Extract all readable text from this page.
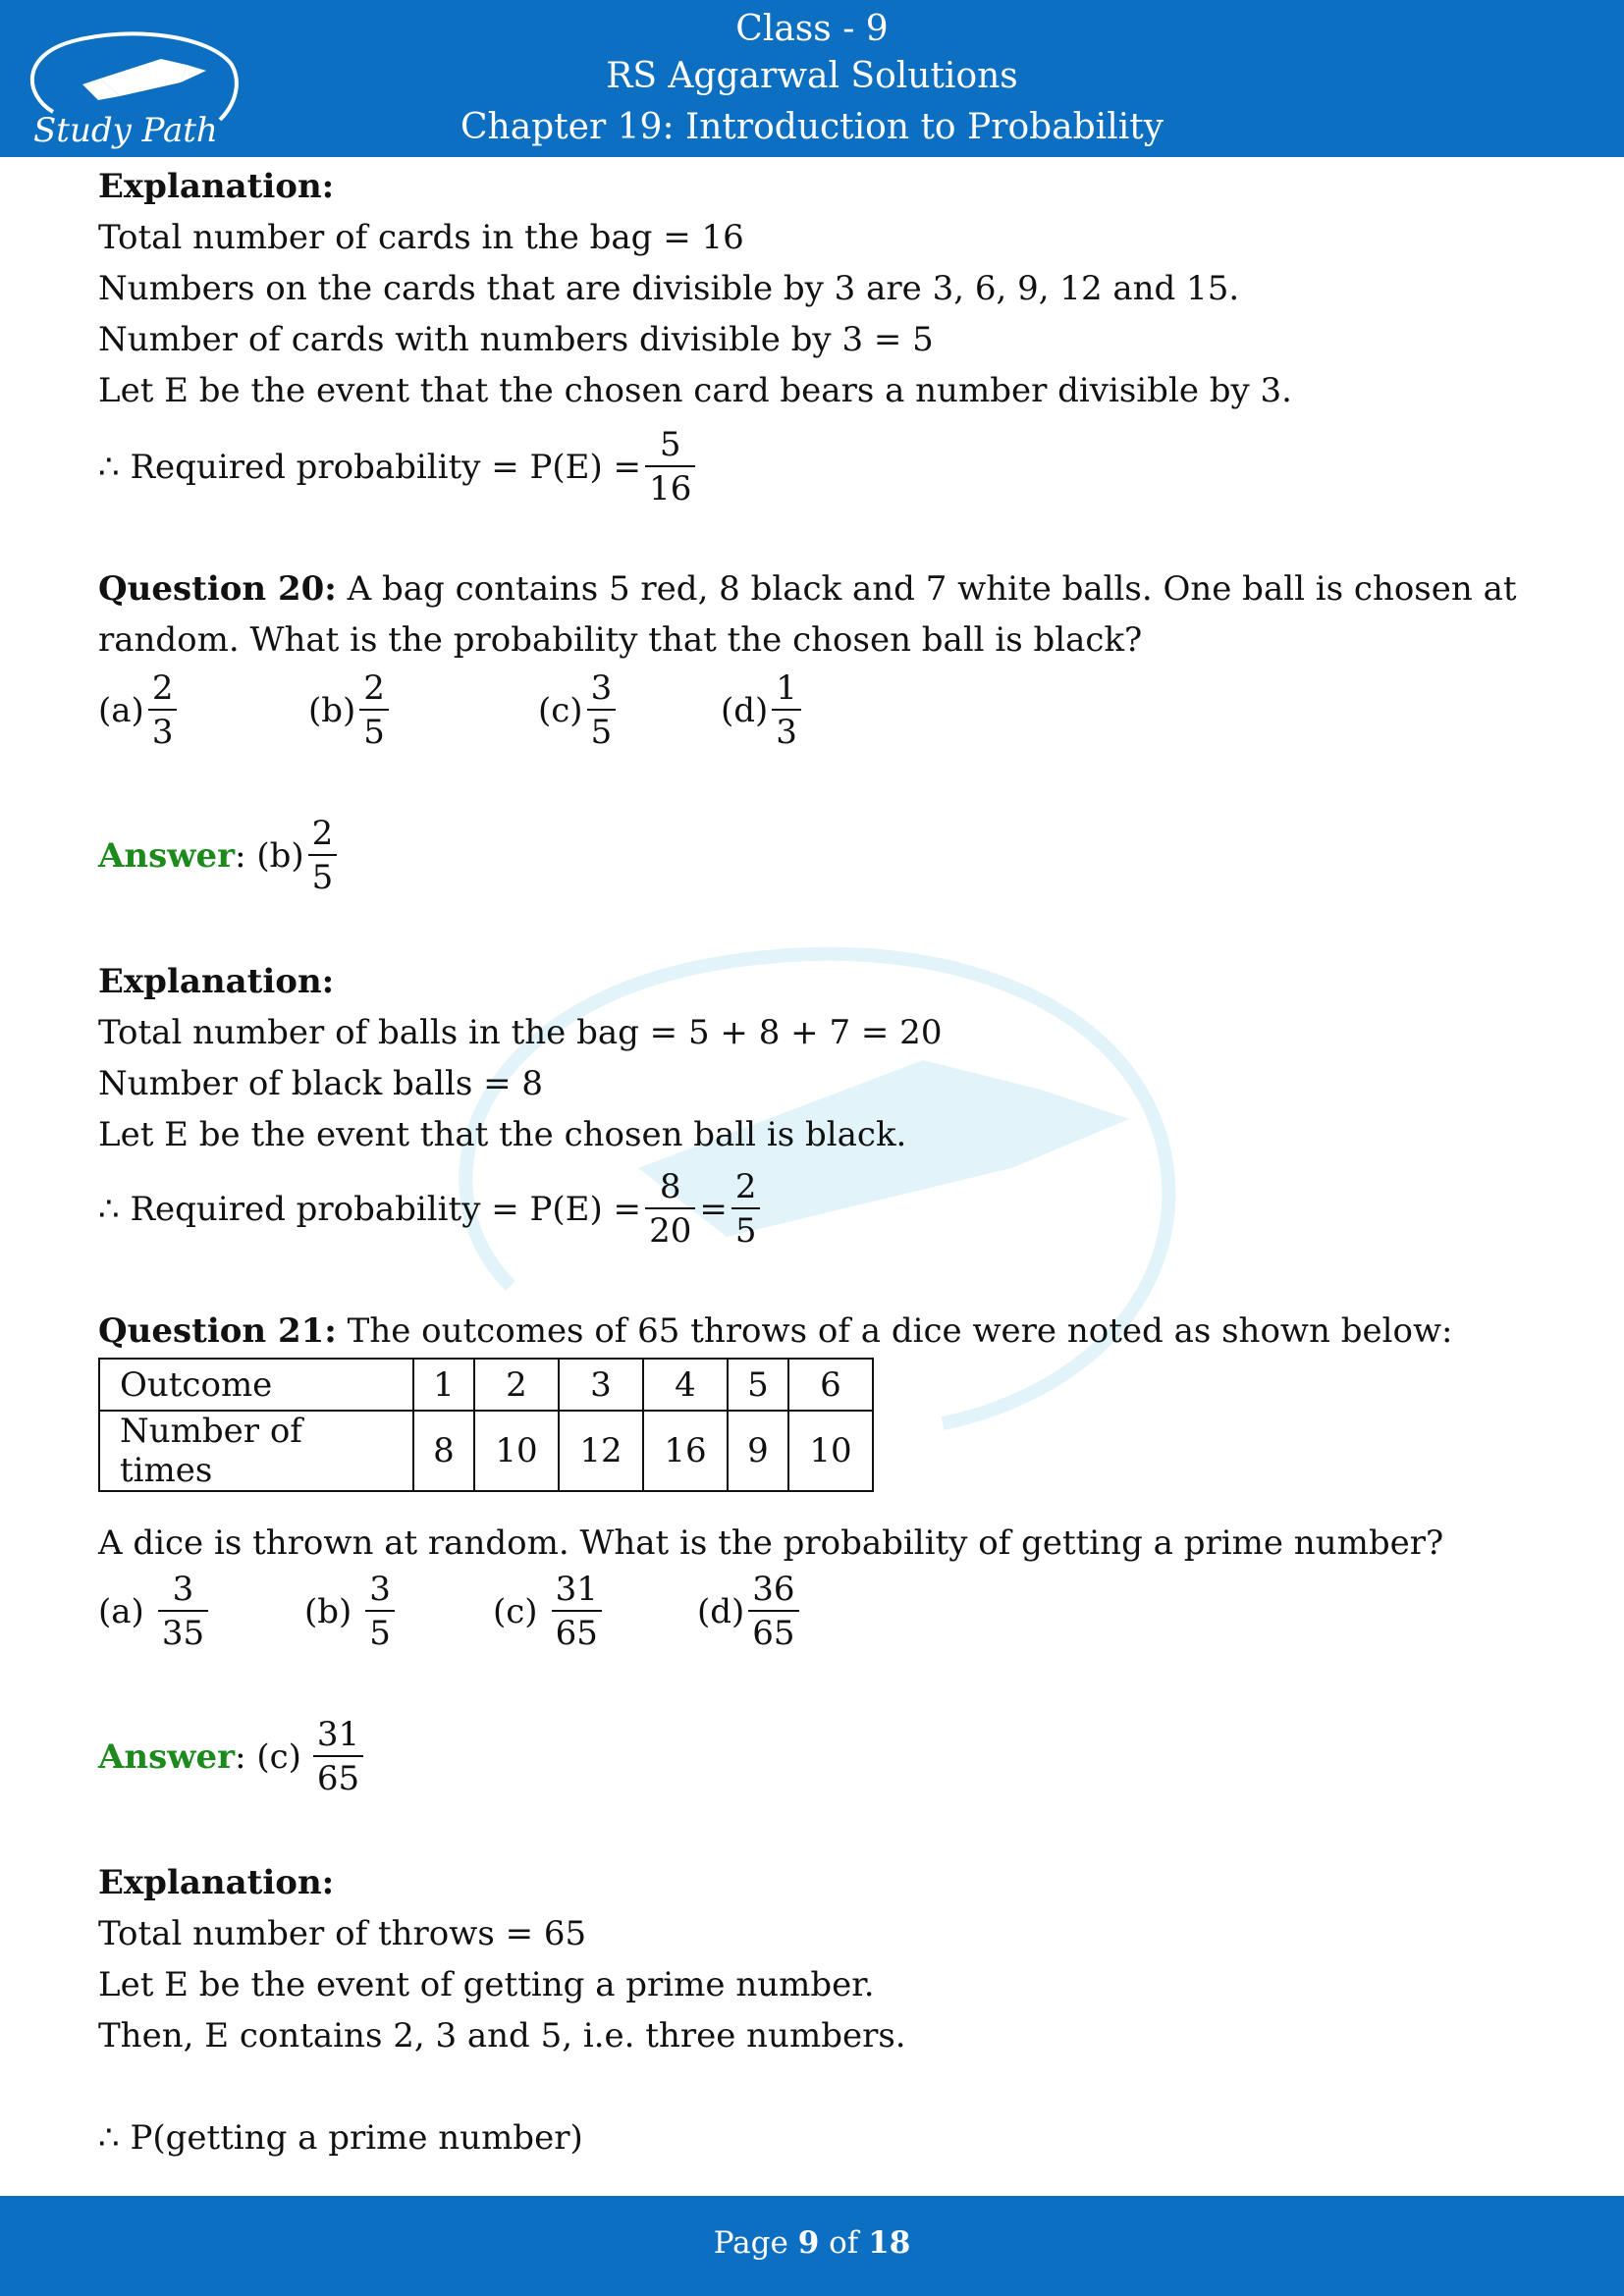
Study Path
Class - 9
RS Aggarwal Solutions
Chapter 19: Introduction to Probability
Explanation:
Total number of cards in the bag = 16
Numbers on the cards that are divisible by 3 are 3, 6, 9, 12 and 15.
Number of cards with numbers divisible by 3 = 5
Let E be the event that the chosen card bears a number divisible by 3.
∴ Required probability = $P(E) = \frac{5}{16}$
Question 20: A bag contains 5 red, 8 black and 7 white balls. One ball is chosen at
random. What is the probability that the chosen ball is black?
$(a) \frac{2}{3}$	$(b) \frac{2}{5}$	$(c) \frac{3}{5}$	$(d) \frac{1}{3}$
Answer : $(b) \frac{2}{5}$
Explanation:
Total number of balls in the bag = 5 + 8 + 7 = 20
Number of black balls = 8
Let E be the event that the chosen ball is black.
∴ Required probability = $P(E) = \frac{8}{20} = \frac{2}{5}$
Question 21: The outcomes of 65 throws of a dice were noted as shown below:
Outcome	1	2	3	4	5	6
Number of times	8	10	12	16	9	10
A dice is thrown at random. What is the probability of getting a prime number?
$(a) \frac{3}{35}$	$(b) \frac{3}{5}$	$(c) \frac{31}{65}$	$(d) \frac{36}{65}$
Answer : $(c) \frac{31}{65}$
Explanation:
Total number of throws = 65
Let E be the event of getting a prime number.
Then, E contains 2, 3 and 5, i.e. three numbers.
∴ P(getting a prime number)
Page 9 of 18
